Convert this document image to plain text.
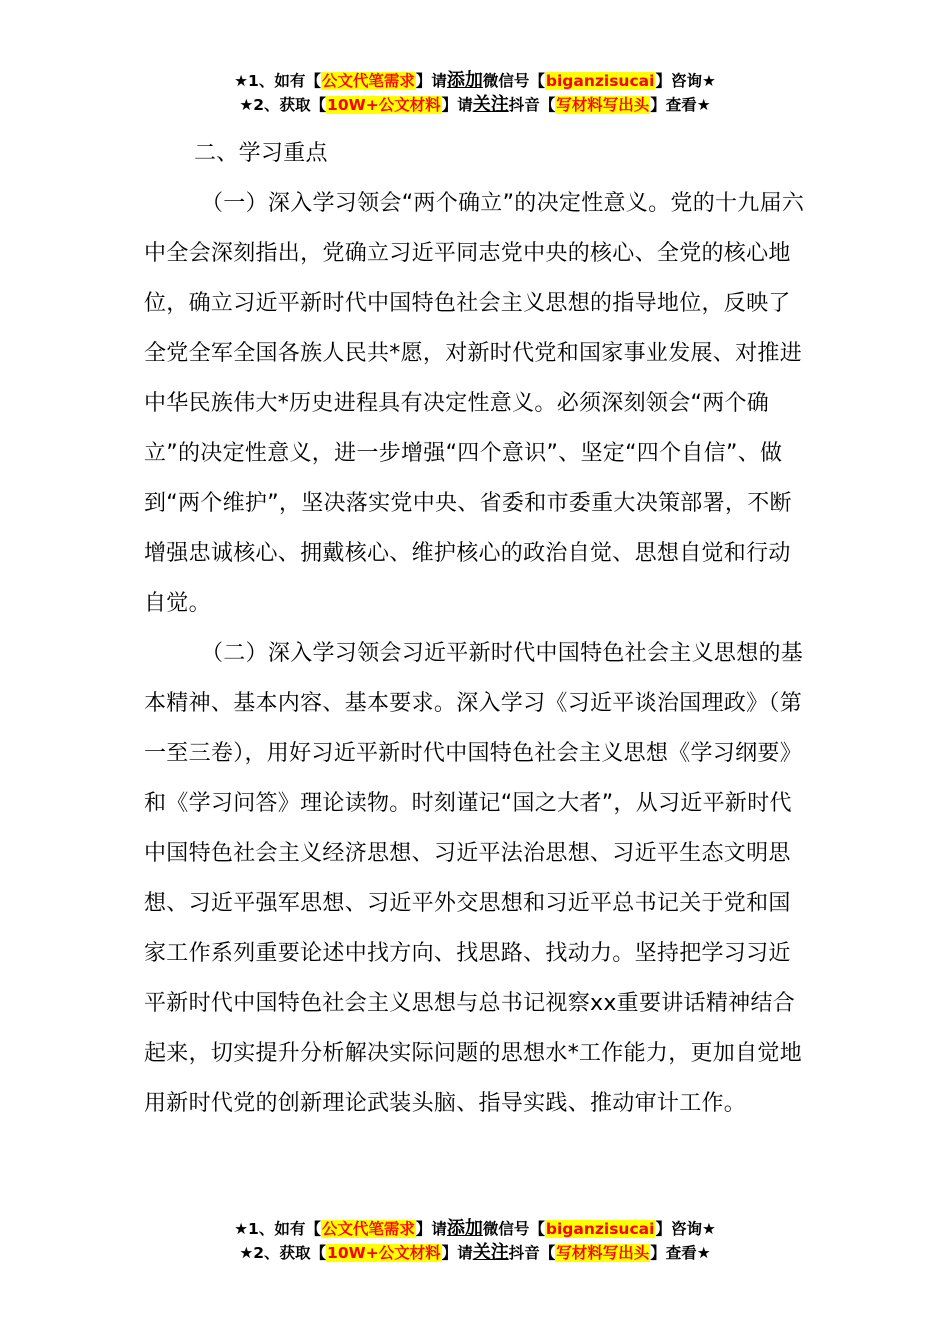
★1、如有【公文代笔需求】请添加微信号【biganzisucai】咨询★
★2、获取【10W+公文材料】请关注抖音【写材料写出头】查看★

二、学习重点

（一）深入学习领会“两个确立”的决定性意义。党的十九届六中全会深刻指出，党确立习近平同志党中央的核心、全党的核心地位，确立习近平新时代中国特色社会主义思想的指导地位，反映了全党全军全国各族人民共*愿，对新时代党和国家事业发展、对推进中华民族伟大*历史进程具有决定性意义。必须深刻领会“两个确立”的决定性意义，进一步增强“四个意识”、坚定“四个自信”、做到“两个维护”，坚决落实党中央、省委和市委重大决策部署，不断增强忠诚核心、拥戴核心、维护核心的政治自觉、思想自觉和行动自觉。

（二）深入学习领会习近平新时代中国特色社会主义思想的基本精神、基本内容、基本要求。深入学习《习近平谈治国理政》（第一至三卷），用好习近平新时代中国特色社会主义思想《学习纲要》和《学习问答》理论读物。时刻谨记“国之大者”，从习近平新时代中国特色社会主义经济思想、习近平法治思想、习近平生态文明思想、习近平强军思想、习近平外交思想和习近平总书记关于党和国家工作系列重要论述中找方向、找思路、找动力。坚持把学习习近平新时代中国特色社会主义思想与总书记视察xx重要讲话精神结合起来，切实提升分析解决实际问题的思想水*工作能力，更加自觉地用新时代党的创新理论武装头脑、指导实践、推动审计工作。

★1、如有【公文代笔需求】请添加微信号【biganzisucai】咨询★
★2、获取【10W+公文材料】请关注抖音【写材料写出头】查看★
